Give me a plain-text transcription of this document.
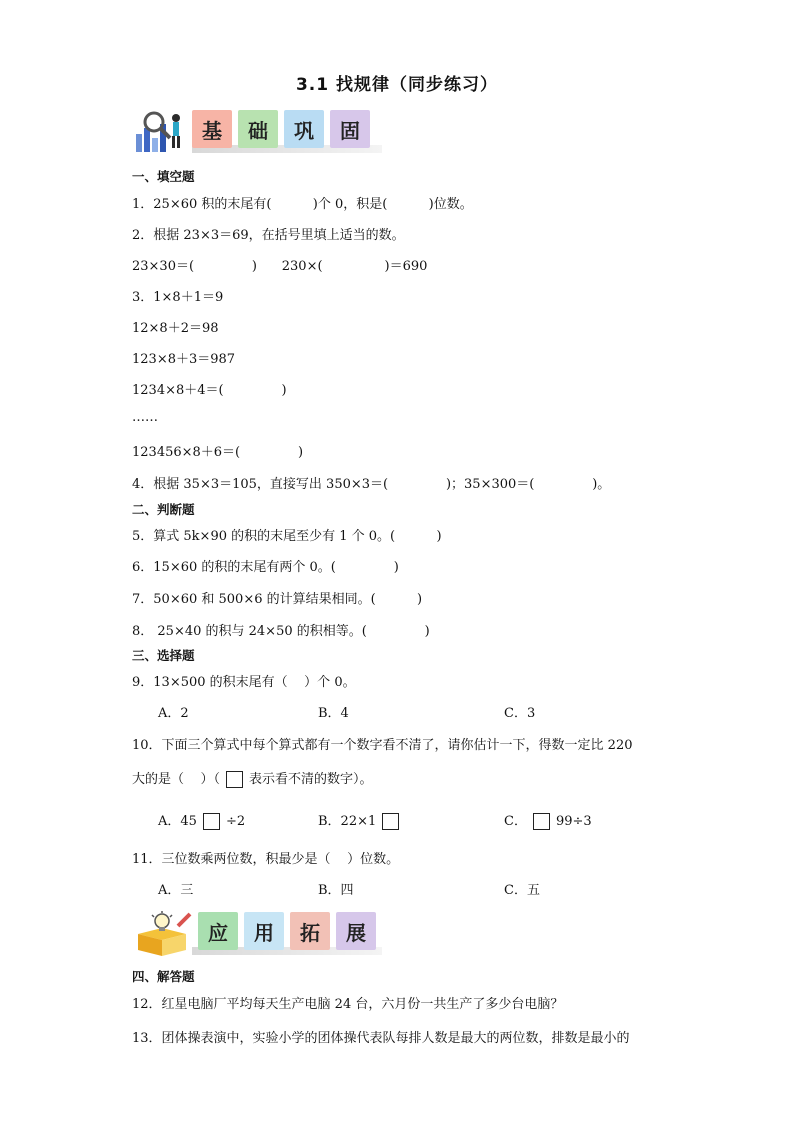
3.1 找规律（同步练习）
基	础	巩	固
一、填空题
1．25×60 积的末尾有(          )个 0，积是(          )位数。
2．根据 23×3＝69，在括号里填上适当的数。
23×30＝(              )      230×(               )＝690
3．1×8＋1＝9
12×8＋2＝98
123×8＋3＝987
1234×8＋4＝(              )
……
123456×8＋6＝(              )
4．根据 35×3＝105，直接写出 350×3＝(              )；35×300＝(              )。
二、判断题
5．算式 5k×90 的积的末尾至少有 1 个 0。(          )
6．15×60 的积的末尾有两个 0。(              )
7．50×60 和 500×6 的计算结果相同。(          )
8． 25×40 的积与 24×50 的积相等。(              )
三、选择题
9．13×500 的积末尾有（    ）个 0。
A．2	B．4	C．3
10．下面三个算式中每个算式都有一个数字看不清了，请你估计一下，得数一定比 220
大的是（    ）（ 表示看不清的数字）。
A．45 ÷2	B．22×1	C． 99÷3
11．三位数乘两位数，积最少是（    ）位数。
A．三	B．四	C．五
应	用	拓	展
四、解答题
12．红星电脑厂平均每天生产电脑 24 台，六月份一共生产了多少台电脑？
13．团体操表演中，实验小学的团体操代表队每排人数是最大的两位数，排数是最小的
